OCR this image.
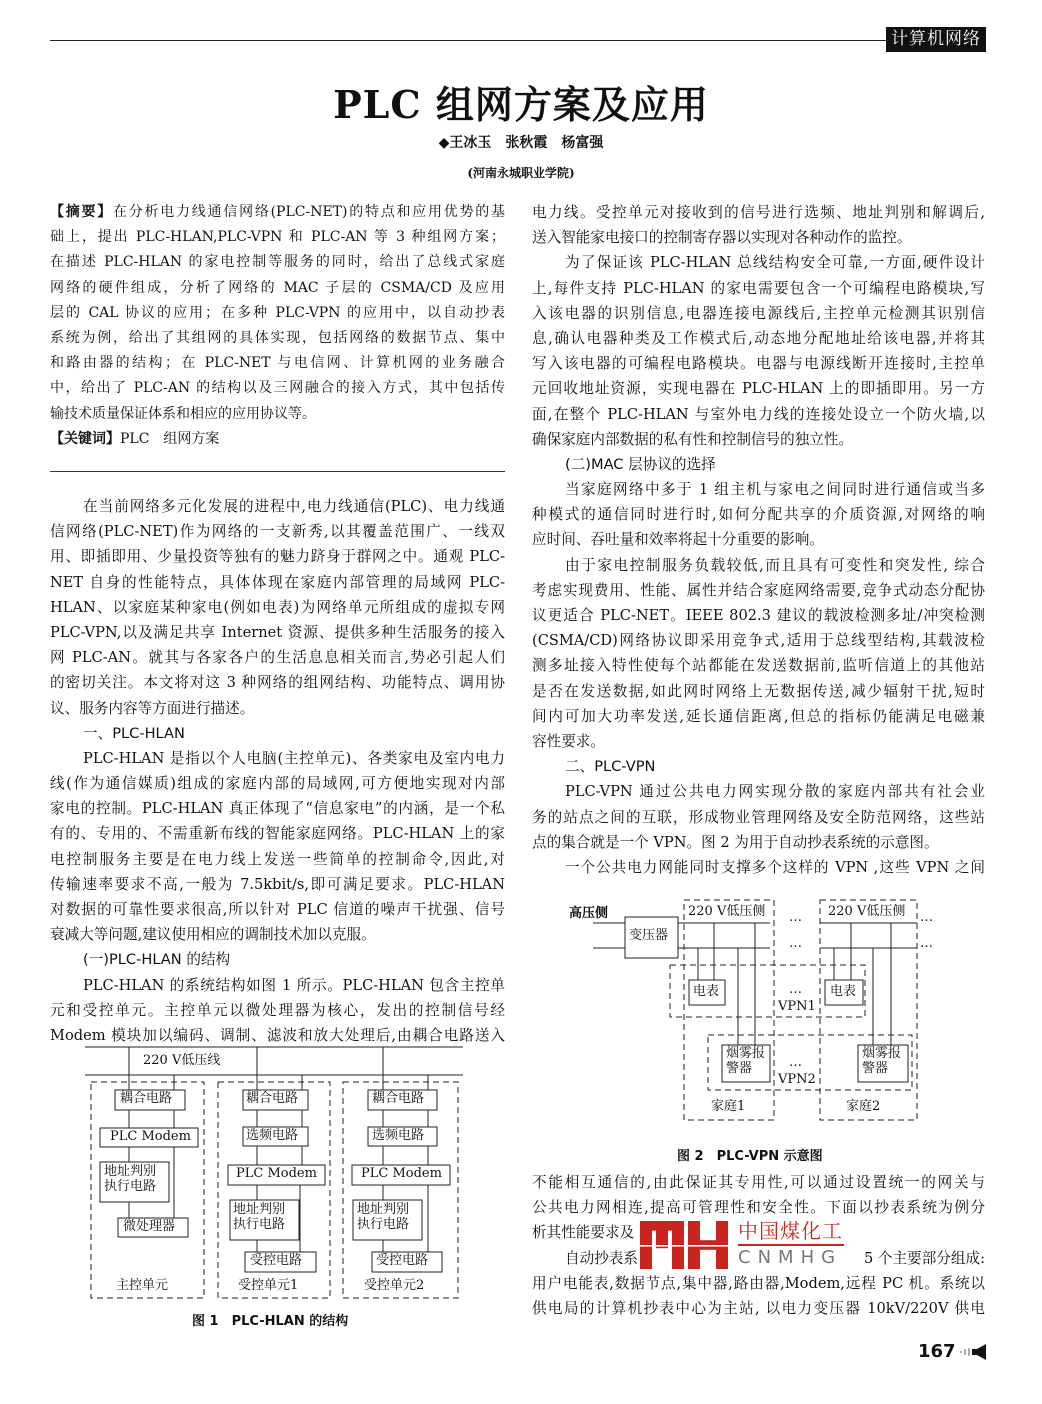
计算机网络
PLC 组网方案及应用
◆王冰玉　张秋霞　杨富强
(河南永城职业学院)
【摘要】在分析电力线通信网络(PLC-NET)的特点和应用优势的基
础上，提出 PLC-HLAN,PLC-VPN 和 PLC-AN 等 3 种组网方案；
在描述 PLC-HLAN 的家电控制等服务的同时，给出了总线式家庭
网络的硬件组成，分析了网络的 MAC 子层的 CSMA/CD 及应用
层的 CAL 协议的应用；在多种 PLC-VPN 的应用中，以自动抄表
系统为例，给出了其组网的具体实现，包括网络的数据节点、集中
和路由器的结构；在 PLC-NET 与电信网、计算机网的业务融合
中，给出了 PLC-AN 的结构以及三网融合的接入方式，其中包括传
输技术质量保证体系和相应的应用协议等。
【关键词】PLC　组网方案
在当前网络多元化发展的进程中,电力线通信(PLC)、电力线通
信网络(PLC-NET)作为网络的一支新秀,以其覆盖范围广、一线双
用、即插即用、少量投资等独有的魅力跻身于群网之中。通观 PLC-
NET 自身的性能特点，具体体现在家庭内部管理的局域网 PLC-
HLAN、以家庭某种家电(例如电表)为网络单元所组成的虚拟专网
PLC-VPN,以及满足共享 Internet 资源、提供多种生活服务的接入
网 PLC-AN。就其与各家各户的生活息息相关而言,势必引起人们
的密切关注。本文将对这 3 种网络的组网结构、功能特点、调用协
议、服务内容等方面进行描述。
一、PLC-HLAN
PLC-HLAN 是指以个人电脑(主控单元)、各类家电及室内电力
线(作为通信媒质)组成的家庭内部的局域网,可方便地实现对内部
家电的控制。PLC-HLAN 真正体现了“信息家电”的内涵，是一个私
有的、专用的、不需重新布线的智能家庭网络。PLC-HLAN 上的家
电控制服务主要是在电力线上发送一些简单的控制命令,因此,对
传输速率要求不高,一般为 7.5kbit/s,即可满足要求。PLC-HLAN
对数据的可靠性要求很高,所以针对 PLC 信道的噪声干扰强、信号
衰减大等问题,建议使用相应的调制技术加以克服。
(一)PLC-HLAN 的结构
PLC-HLAN 的系统结构如图 1 所示。PLC-HLAN 包含主控单
元和受控单元。主控单元以微处理器为核心，发出的控制信号经
Modem 模块加以编码、调制、滤波和放大处理后,由耦合电路送入
电力线。受控单元对接收到的信号进行选频、地址判别和解调后,
送入智能家电接口的控制寄存器以实现对各种动作的监控。
为了保证该 PLC-HLAN 总线结构安全可靠,一方面,硬件设计
上,每件支持 PLC-HLAN 的家电需要包含一个可编程电路模块,写
入该电器的识别信息,电器连接电源线后,主控单元检测其识别信
息,确认电器种类及工作模式后,动态地分配地址给该电器,并将其
写入该电器的可编程电路模块。电器与电源线断开连接时,主控单
元回收地址资源，实现电器在 PLC-HLAN 上的即插即用。另一方
面,在整个 PLC-HLAN 与室外电力线的连接处设立一个防火墙,以
确保家庭内部数据的私有性和控制信号的独立性。
(二)MAC 层协议的选择
当家庭网络中多于 1 组主机与家电之间同时进行通信或当多
种模式的通信同时进行时,如何分配共享的介质资源,对网络的响
应时间、吞吐量和效率将起十分重要的影响。
由于家电控制服务负载较低,而且具有可变性和突发性, 综合
考虑实现费用、性能、属性并结合家庭网络需要,竞争式动态分配协
议更适合 PLC-NET。IEEE 802.3 建议的载波检测多址/冲突检测
(CSMA/CD)网络协议即采用竞争式,适用于总线型结构,其载波检
测多址接入特性使每个站都能在发送数据前,监听信道上的其他站
是否在发送数据,如此网时网络上无数据传送,减少辐射干扰,短时
间内可加大功率发送,延长通信距离,但总的指标仍能满足电磁兼
容性要求。
二、PLC-VPN
PLC-VPN 通过公共电力网实现分散的家庭内部共有社会业
务的站点之间的互联，形成物业管理网络及安全防范网络，这些站
点的集合就是一个 VPN。图 2 为用于自动抄表系统的示意图。
一个公共电力网能同时支撑多个这样的 VPN ,这些 VPN 之间
不能相互通信的,由此保证其专用性,可以通过设置统一的网关与
公共电力网相连,提高可管理性和安全性。下面以抄表系统为例分
析其性能要求及
自动抄表系	5 个主要部分组成:
用户电能表,数据节点,集中器,路由器,Modem,远程 PC 机。系统以
供电局的计算机抄表中心为主站, 以电力变压器 10kV/220V 供电
220 V低压线
耦合电路
PLC Modem
地址判别
执行电路
微处理器
主控单元
耦合电路
选频电路
PLC Modem
地址判别
执行电路
受控电路
受控单元1
耦合电路
选频电路
PLC Modem
地址判别
执行电路
受控电路
受控单元2
图 1　PLC-HLAN 的结构
高压侧
变压器
220 V低压侧	220 V低压侧
…
…
…
…
电表	电表
…
VPN1
烟雾报
警器
烟雾报
警器
…
VPN2
家庭1	家庭2
图 2　PLC-VPN 示意图
中国煤化工
CNMHG
167
